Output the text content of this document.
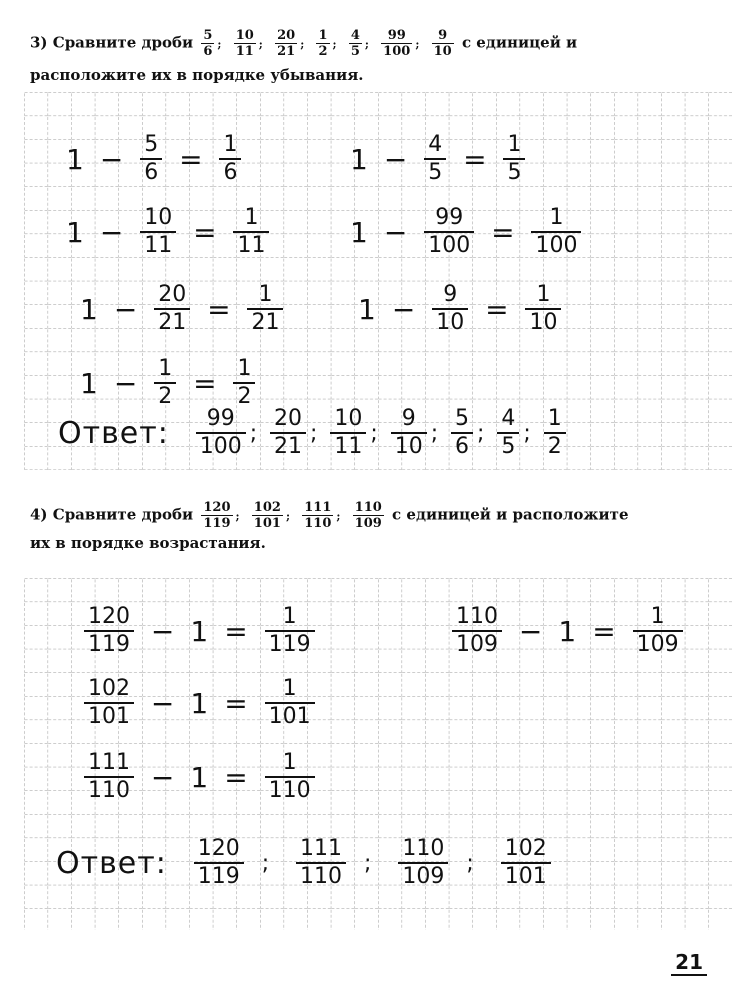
3) Сравните дроби $\frac{5}{6}$ ; $\frac{10}{11}$ ; $\frac{20}{21}$ ; $\frac{1}{2}$ ; $\frac{4}{5}$ ; $\frac{99}{100}$ ; $\frac{9}{10}$ с единицей и
расположите их в порядке убывания.
$1 - \frac{5}{6} = \frac{1}{6}$	$1 - \frac{4}{5} = \frac{1}{5}$
$1 - \frac{10}{11} = \frac{1}{11}$	$1 - \frac{99}{100} = \frac{1}{100}$
$1 - \frac{20}{21} = \frac{1}{21}$	$1 - \frac{9}{10} = \frac{1}{10}$
$1 - \frac{1}{2} = \frac{1}{2}$
Ответ: $\frac{99}{100}$ ; $\frac{20}{21}$ ; $\frac{10}{11}$ ; $\frac{9}{10}$ ; $\frac{5}{6}$ ; $\frac{4}{5}$ ; $\frac{1}{2}$
4) Сравните дроби $\frac{120}{119}$ ; $\frac{102}{101}$ ; $\frac{111}{110}$ ; $\frac{110}{109}$ с единицей и расположите
их в порядке возрастания.
$\frac{120}{119} - 1 = \frac{1}{119}$	$\frac{110}{109} - 1 = \frac{1}{109}$
$\frac{102}{101} - 1 = \frac{1}{101}$
$\frac{111}{110} - 1 = \frac{1}{110}$
Ответ: $\frac{120}{119}$ ; $\frac{111}{110}$ ; $\frac{110}{109}$ ; $\frac{102}{101}$
21
